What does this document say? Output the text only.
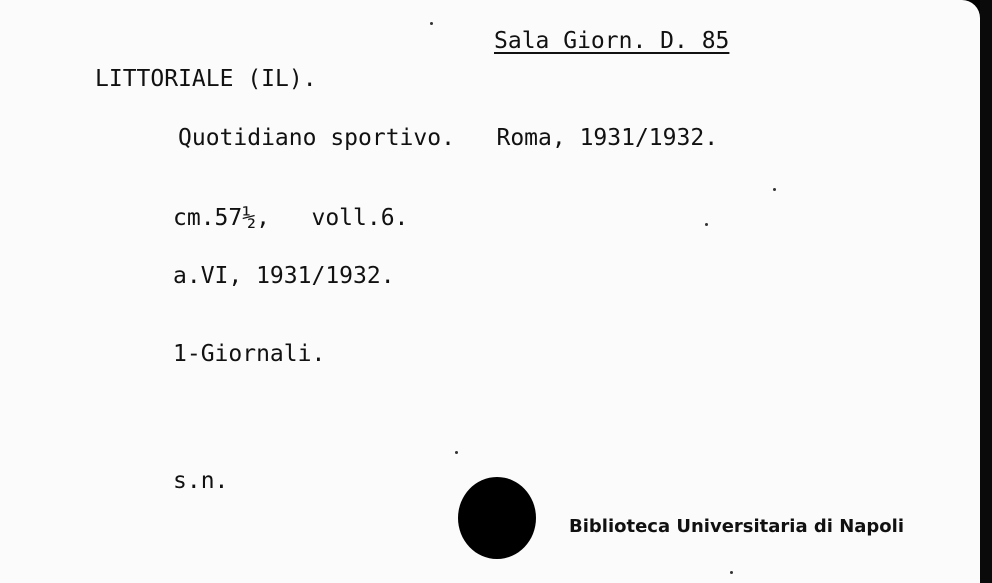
Sala Giorn. D. 85
LITTORIALE (IL).
Quotidiano sportivo.   Roma, 1931/1932.
cm.57½,   voll.6.
a.VI, 1931/1932.
1-Giornali.
s.n.
Biblioteca Universitaria di Napoli
